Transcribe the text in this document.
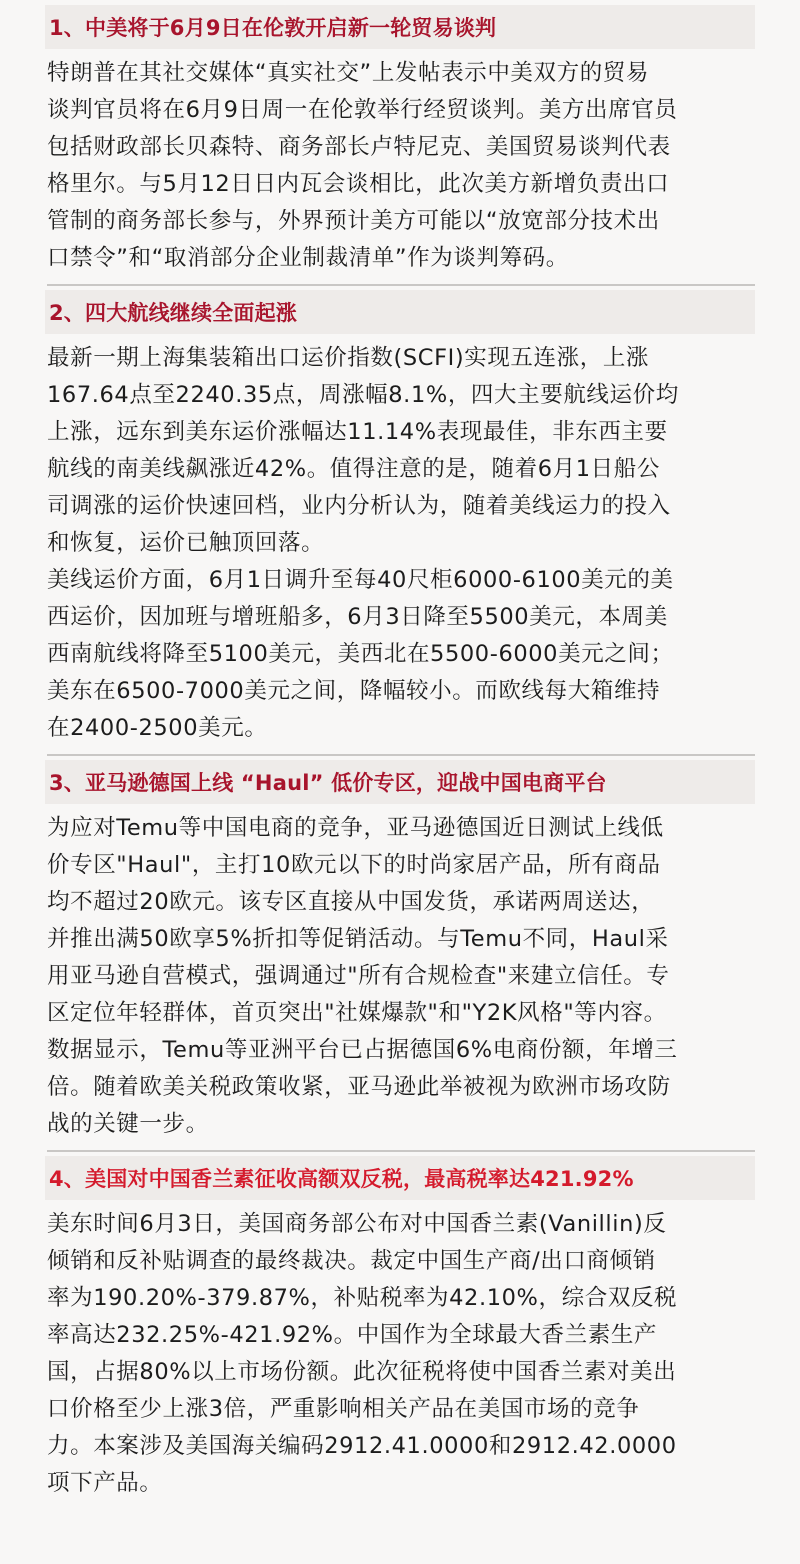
1、中美将于6月9日在伦敦开启新一轮贸易谈判
特朗普在其社交媒体“真实社交”上发帖表示中美双方的贸易
谈判官员将在6月9日周一在伦敦举行经贸谈判。美方出席官员
包括财政部长贝森特、商务部长卢特尼克、美国贸易谈判代表
格里尔。与5月12日日内瓦会谈相比，此次美方新增负责出口
管制的商务部长参与，外界预计美方可能以“放宽部分技术出
口禁令”和“取消部分企业制裁清单”作为谈判筹码。
2、四大航线继续全面起涨
最新一期上海集装箱出口运价指数(SCFI)实现五连涨，上涨
167.64点至2240.35点，周涨幅8.1%，四大主要航线运价均
上涨，远东到美东运价涨幅达11.14%表现最佳，非东西主要
航线的南美线飙涨近42%。值得注意的是，随着6月1日船公
司调涨的运价快速回档，业内分析认为，随着美线运力的投入
和恢复，运价已触顶回落。
美线运价方面，6月1日调升至每40尺柜6000-6100美元的美
西运价，因加班与增班船多，6月3日降至5500美元，本周美
西南航线将降至5100美元，美西北在5500-6000美元之间；
美东在6500-7000美元之间，降幅较小。而欧线每大箱维持
在2400-2500美元。
3、亚马逊德国上线 “Haul” 低价专区，迎战中国电商平台
为应对Temu等中国电商的竞争，亚马逊德国近日测试上线低
价专区"Haul"，主打10欧元以下的时尚家居产品，所有商品
均不超过20欧元。该专区直接从中国发货，承诺两周送达，
并推出满50欧享5%折扣等促销活动。与Temu不同，Haul采
用亚马逊自营模式，强调通过"所有合规检查"来建立信任。专
区定位年轻群体，首页突出"社媒爆款"和"Y2K风格"等内容。
数据显示，Temu等亚洲平台已占据德国6%电商份额，年增三
倍。随着欧美关税政策收紧，亚马逊此举被视为欧洲市场攻防
战的关键一步。
4、美国对中国香兰素征收高额双反税，最高税率达421.92%
美东时间6月3日，美国商务部公布对中国香兰素(Vanillin)反
倾销和反补贴调查的最终裁决。裁定中国生产商/出口商倾销
率为190.20%-379.87%，补贴税率为42.10%，综合双反税
率高达232.25%-421.92%。中国作为全球最大香兰素生产
国，占据80%以上市场份额。此次征税将使中国香兰素对美出
口价格至少上涨3倍，严重影响相关产品在美国市场的竞争
力。本案涉及美国海关编码2912.41.0000和2912.42.0000
项下产品。
